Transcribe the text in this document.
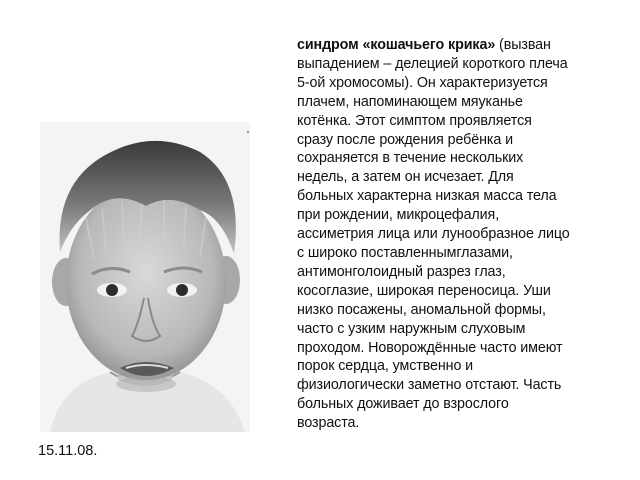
синдром «кошачьего крика» (вызван
выпадением – делецией короткого плеча
5-ой хромосомы). Он характеризуется
плачем, напоминающем мяуканье
котёнка. Этот симптом проявляется
сразу после рождения ребёнка и
сохраняется в течение нескольких
недель, а затем он исчезает. Для
больных характерна низкая масса тела
при рождении, микроцефалия,
ассиметрия лица или лунообразное лицо
с широко поставленнымглазами,
антимонголоидный разрез глаз,
косоглазие, широкая переносица. Уши
низко посажены, аномальной формы,
часто с узким наружным слуховым
проходом. Новорождённые часто имеют
порок сердца, умственно и
физиологически заметно отстают. Часть
больных доживает до взрослого
возраста.
15.11.08.
